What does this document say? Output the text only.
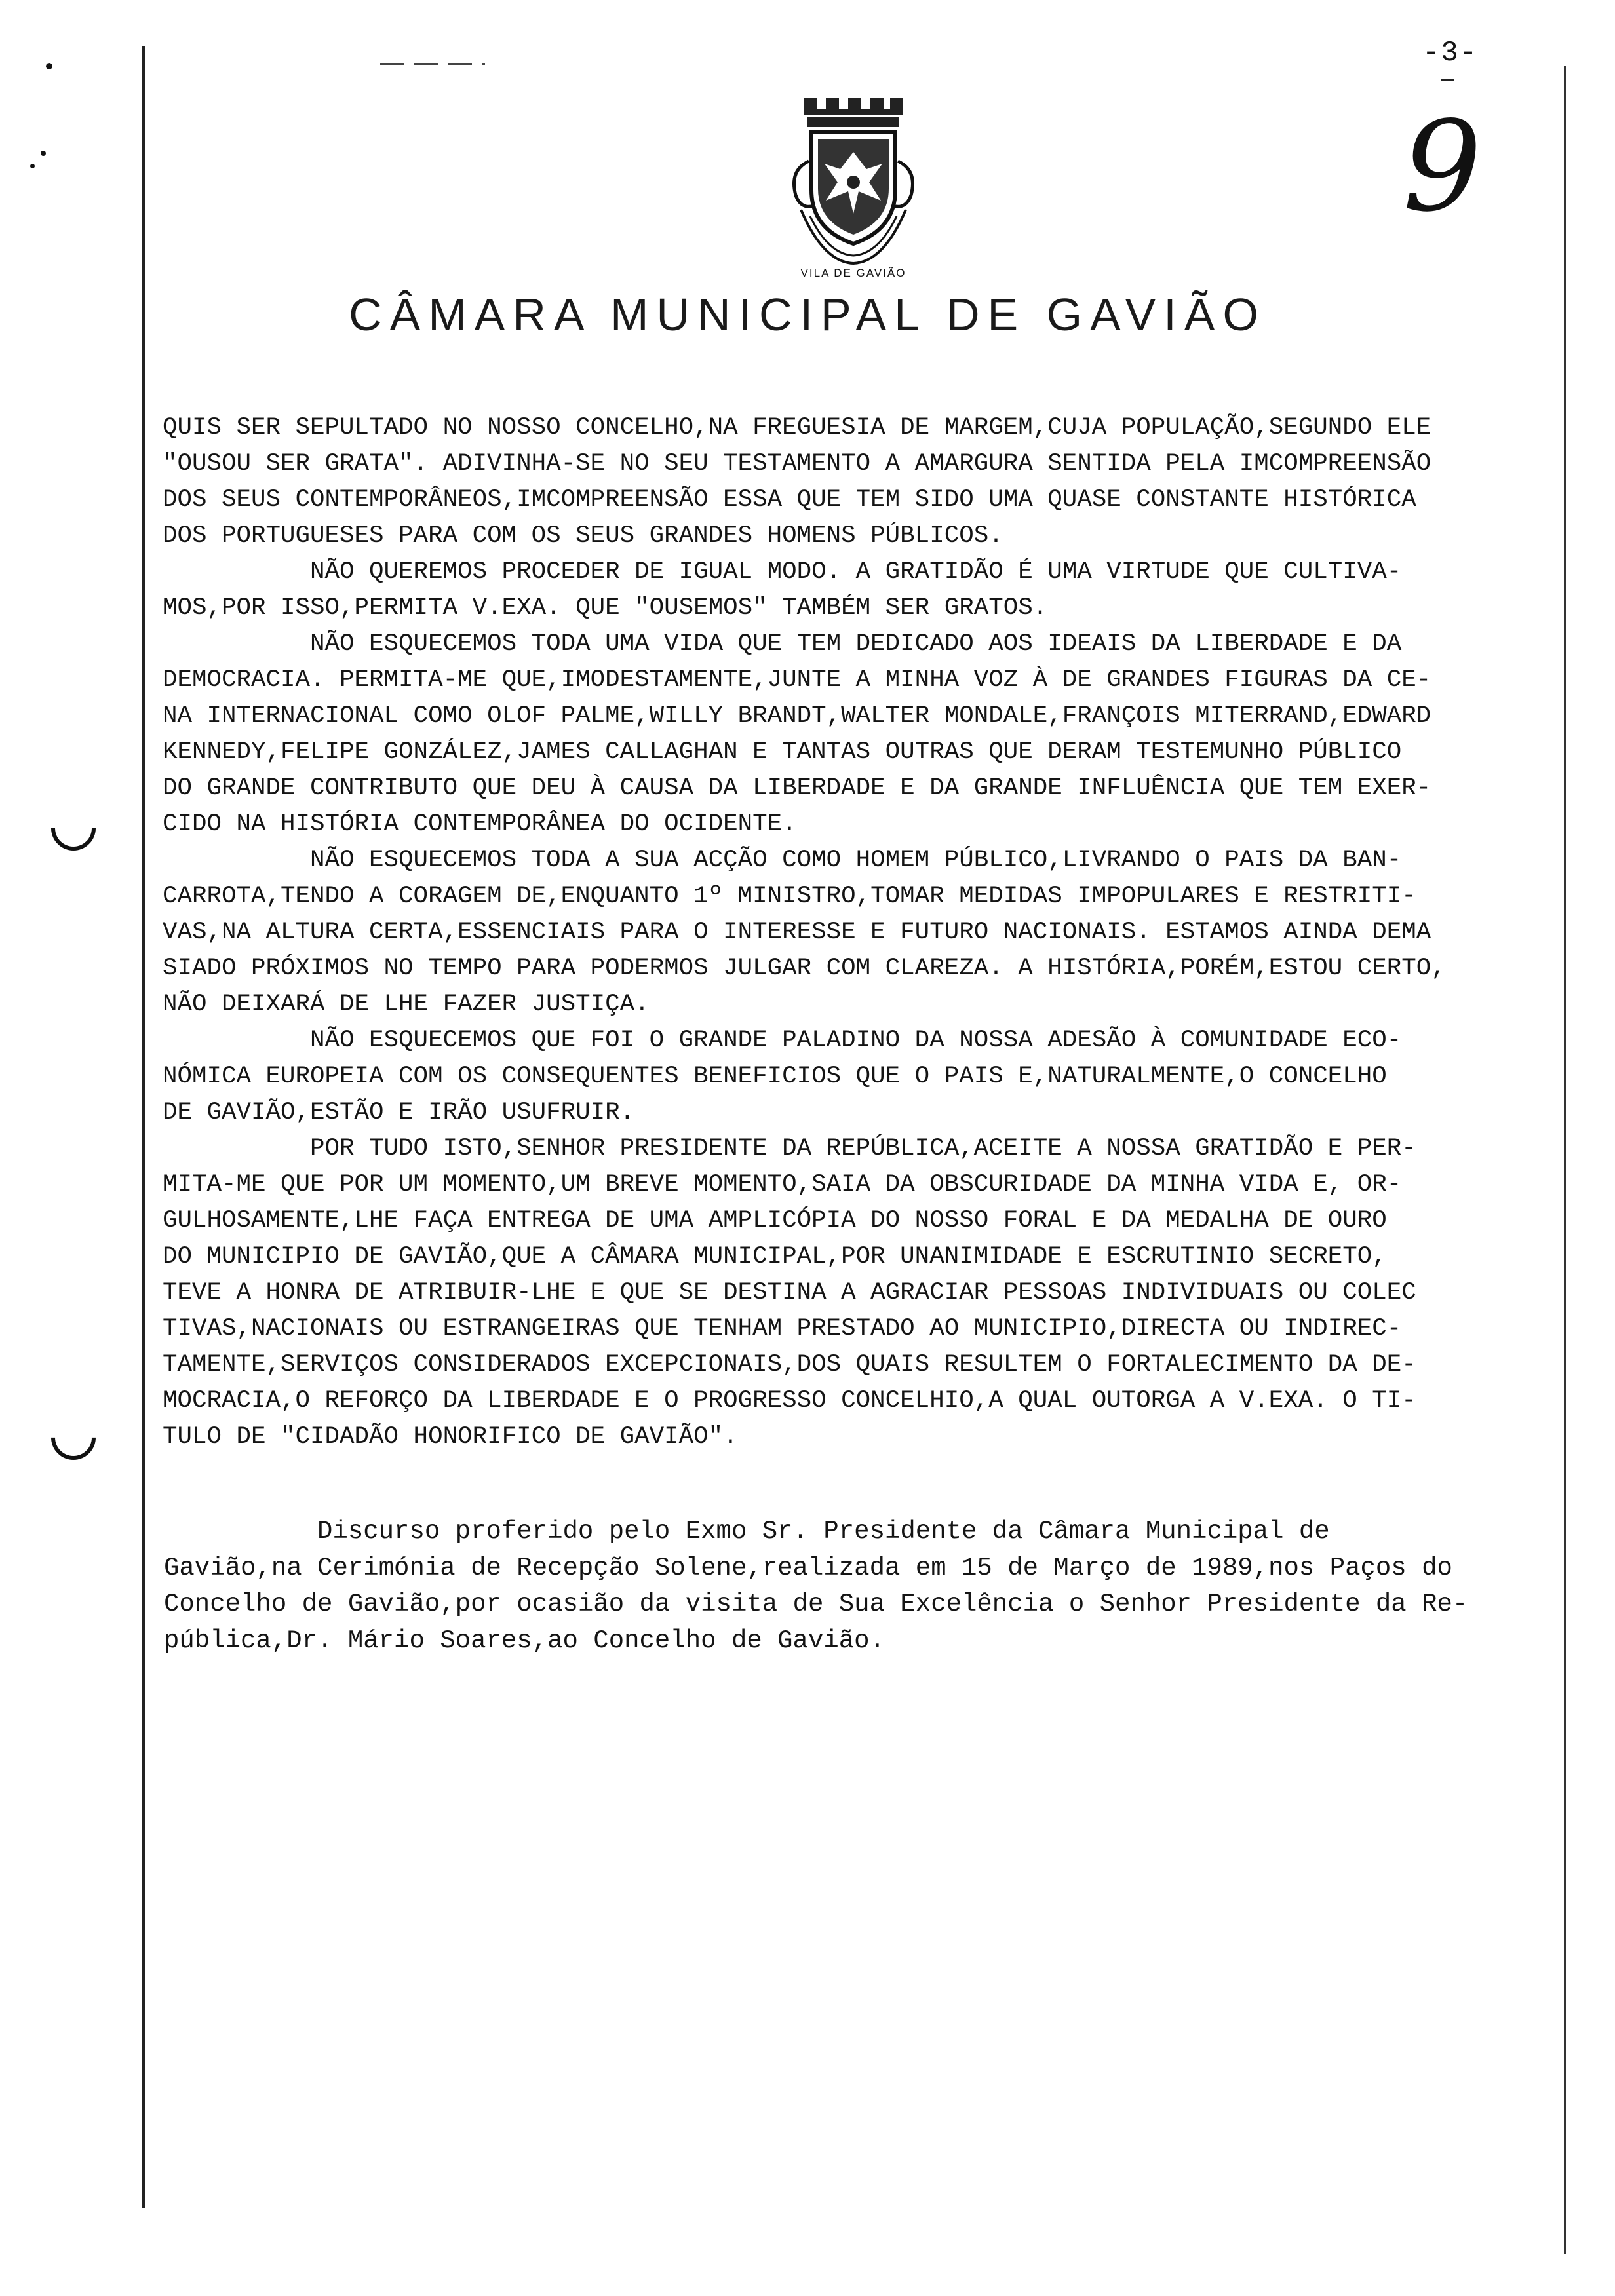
-3-
9
VILA DE GAVIÃO
CÂMARA MUNICIPAL DE GAVIÃO
QUIS SER SEPULTADO NO NOSSO CONCELHO,NA FREGUESIA DE MARGEM,CUJA POPULAÇÃO,SEGUNDO ELE
"OUSOU SER GRATA". ADIVINHA-SE NO SEU TESTAMENTO A AMARGURA SENTIDA PELA IMCOMPREENSÃO
DOS SEUS CONTEMPORÂNEOS,IMCOMPREENSÃO ESSA QUE TEM SIDO UMA QUASE CONSTANTE HISTÓRICA
DOS PORTUGUESES PARA COM OS SEUS GRANDES HOMENS PÚBLICOS.
NÃO QUEREMOS PROCEDER DE IGUAL MODO. A GRATIDÃO É UMA VIRTUDE QUE CULTIVA-
MOS,POR ISSO,PERMITA V.EXA. QUE "OUSEMOS" TAMBÉM SER GRATOS.
NÃO ESQUECEMOS TODA UMA VIDA QUE TEM DEDICADO AOS IDEAIS DA LIBERDADE E DA
DEMOCRACIA. PERMITA-ME QUE,IMODESTAMENTE,JUNTE A MINHA VOZ À DE GRANDES FIGURAS DA CE-
NA INTERNACIONAL COMO OLOF PALME,WILLY BRANDT,WALTER MONDALE,FRANÇOIS MITERRAND,EDWARD
KENNEDY,FELIPE GONZÁLEZ,JAMES CALLAGHAN E TANTAS OUTRAS QUE DERAM TESTEMUNHO PÚBLICO
DO GRANDE CONTRIBUTO QUE DEU À CAUSA DA LIBERDADE E DA GRANDE INFLUÊNCIA QUE TEM EXER-
CIDO NA HISTÓRIA CONTEMPORÂNEA DO OCIDENTE.
NÃO ESQUECEMOS TODA A SUA ACÇÃO COMO HOMEM PÚBLICO,LIVRANDO O PAIS DA BAN-
CARROTA,TENDO A CORAGEM DE,ENQUANTO 1º MINISTRO,TOMAR MEDIDAS IMPOPULARES E RESTRITI-
VAS,NA ALTURA CERTA,ESSENCIAIS PARA O INTERESSE E FUTURO NACIONAIS. ESTAMOS AINDA DEMA
SIADO PRÓXIMOS NO TEMPO PARA PODERMOS JULGAR COM CLAREZA. A HISTÓRIA,PORÉM,ESTOU CERTO,
NÃO DEIXARÁ DE LHE FAZER JUSTIÇA.
NÃO ESQUECEMOS QUE FOI O GRANDE PALADINO DA NOSSA ADESÃO À COMUNIDADE ECO-
NÓMICA EUROPEIA COM OS CONSEQUENTES BENEFICIOS QUE O PAIS E,NATURALMENTE,O CONCELHO
DE GAVIÃO,ESTÃO E IRÃO USUFRUIR.
POR TUDO ISTO,SENHOR PRESIDENTE DA REPÚBLICA,ACEITE A NOSSA GRATIDÃO E PER-
MITA-ME QUE POR UM MOMENTO,UM BREVE MOMENTO,SAIA DA OBSCURIDADE DA MINHA VIDA E, OR-
GULHOSAMENTE,LHE FAÇA ENTREGA DE UMA AMPLICÓPIA DO NOSSO FORAL E DA MEDALHA DE OURO
DO MUNICIPIO DE GAVIÃO,QUE A CÂMARA MUNICIPAL,POR UNANIMIDADE E ESCRUTINIO SECRETO,
TEVE A HONRA DE ATRIBUIR-LHE E QUE SE DESTINA A AGRACIAR PESSOAS INDIVIDUAIS OU COLEC
TIVAS,NACIONAIS OU ESTRANGEIRAS QUE TENHAM PRESTADO AO MUNICIPIO,DIRECTA OU INDIREC-
TAMENTE,SERVIÇOS CONSIDERADOS EXCEPCIONAIS,DOS QUAIS RESULTEM O FORTALECIMENTO DA DE-
MOCRACIA,O REFORÇO DA LIBERDADE E O PROGRESSO CONCELHIO,A QUAL OUTORGA A V.EXA. O TI-
TULO DE "CIDADÃO HONORIFICO DE GAVIÃO".
Discurso proferido pelo Exmo Sr. Presidente da Câmara Municipal de
Gavião,na Cerimónia de Recepção Solene,realizada em 15 de Março de 1989,nos Paços do
Concelho de Gavião,por ocasião da visita de Sua Excelência o Senhor Presidente da Re-
pública,Dr. Mário Soares,ao Concelho de Gavião.
